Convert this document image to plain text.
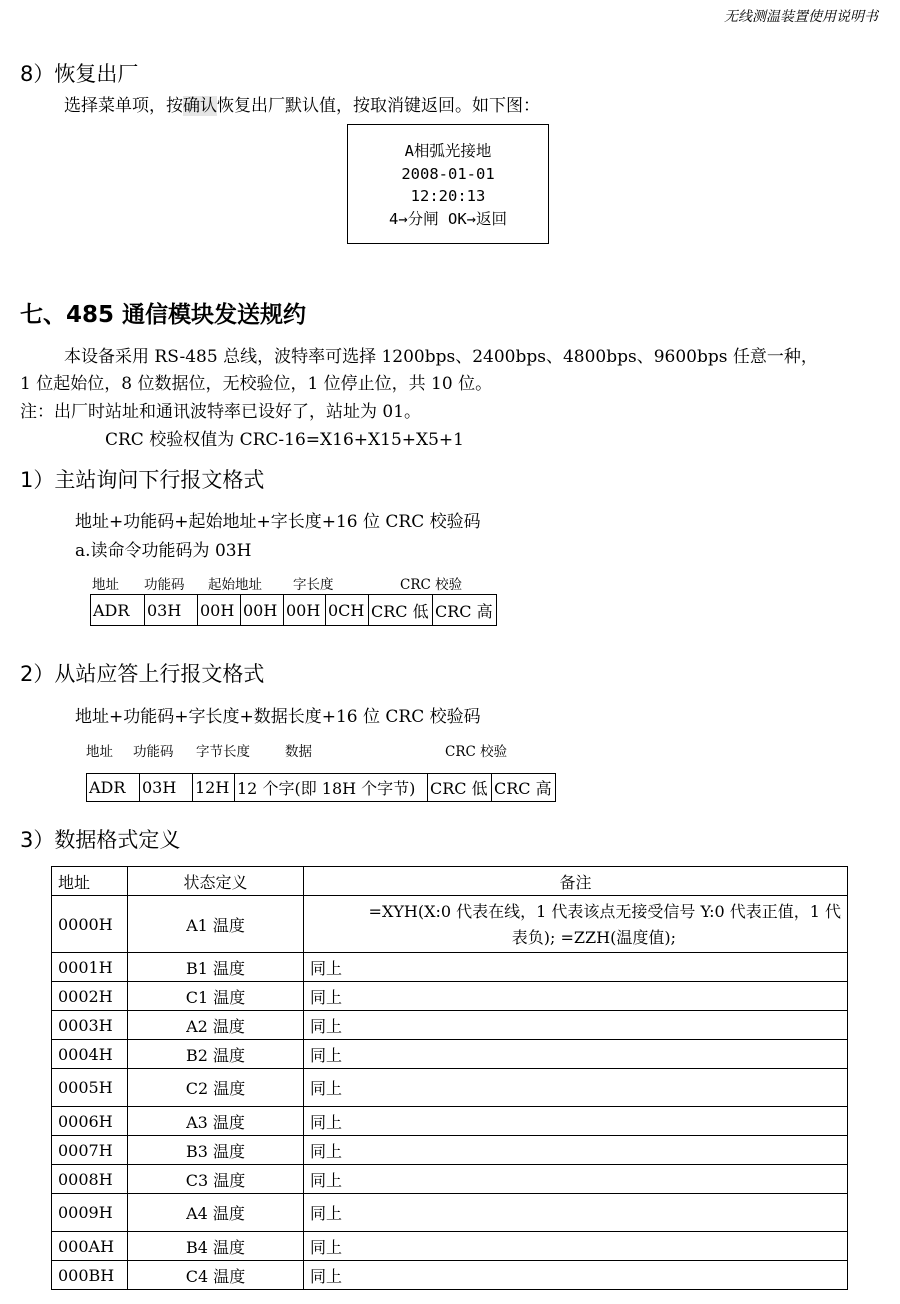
无线测温装置使用说明书
8）恢复出厂
选择菜单项，按确认恢复出厂默认值，按取消键返回。如下图：
A相弧光接地
2008-01-01
12:20:13
4→分闸 OK→返回
七、485 通信模块发送规约
本设备采用 RS-485 总线，波特率可选择 1200bps、2400bps、4800bps、9600bps 任意一种，
1 位起始位，8 位数据位，无校验位，1 位停止位，共 10 位。
注：出厂时站址和通讯波特率已设好了，站址为 01。
CRC 校验权值为 CRC-16=X16+X15+X5+1
1）主站询问下行报文格式
地址+功能码+起始地址+字长度+16 位 CRC 校验码
a.读命令功能码为 03H
地址 功能码 起始地址 字长度	CRC 校验
ADR	03H	00H	00H	00H	0CH	CRC 低	CRC 高
2）从站应答上行报文格式
地址+功能码+字长度+数据长度+16 位 CRC 校验码
地址 功能码 字节长度	数据	CRC 校验
ADR	03H	12H	12 个字(即 18H 个字节)	CRC 低	CRC 高
3）数据格式定义
地址	状态定义	备注
0000H	A1 温度	=XYH(X:0 代表在线，1 代表该点无接受信号 Y:0 代表正值，1 代
表负); =ZZH(温度值);

0001H	B1 温度	同上
0002H	C1 温度	同上
0003H	A2 温度	同上
0004H	B2 温度	同上
0005H	C2 温度	同上
0006H	A3 温度	同上
0007H	B3 温度	同上
0008H	C3 温度	同上
0009H	A4 温度	同上
000AH	B4 温度	同上
000BH	C4 温度	同上
